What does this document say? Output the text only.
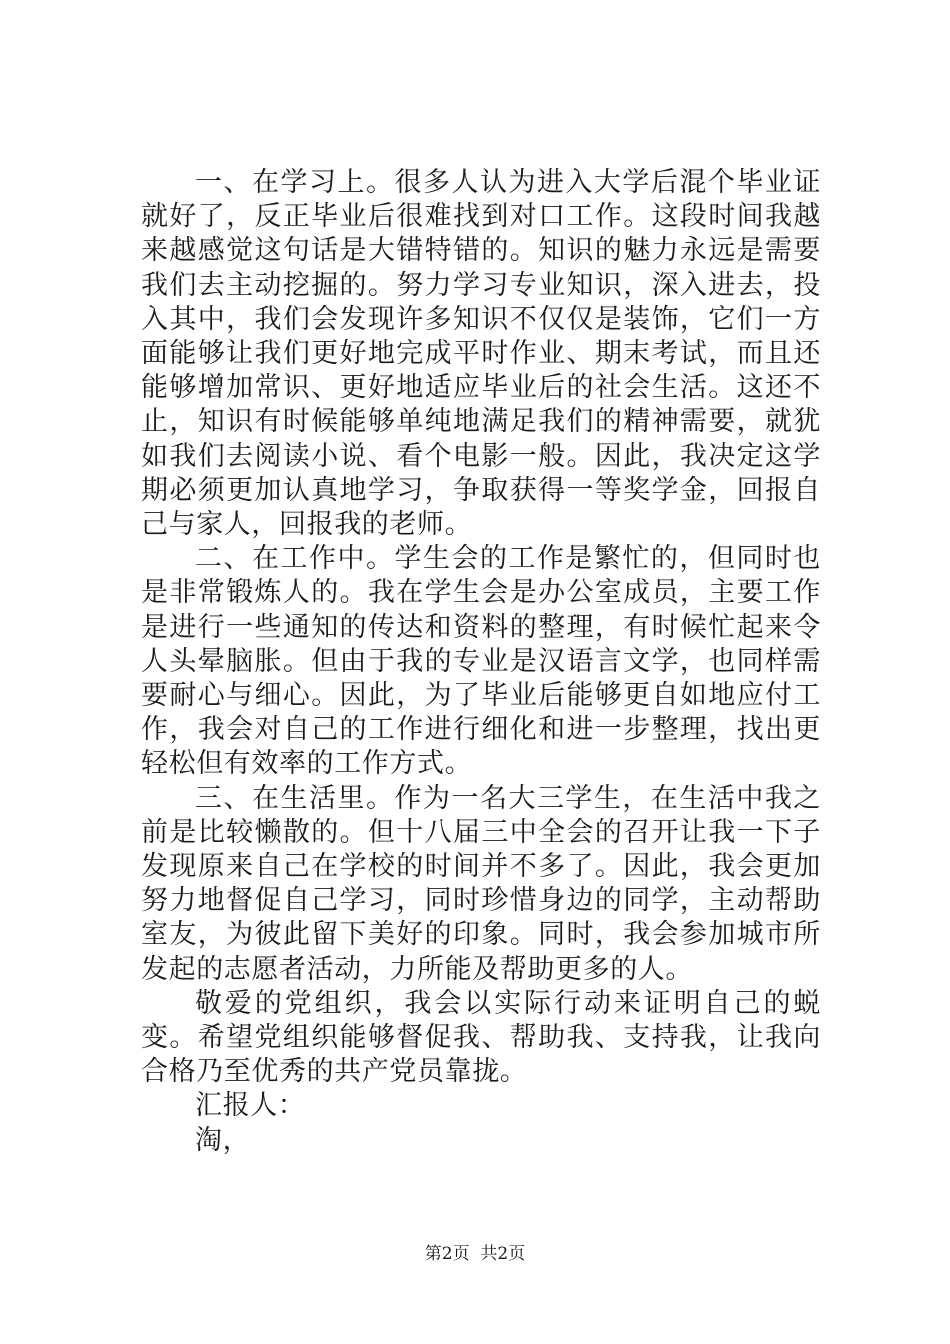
一、在学习上。很多人认为进入大学后混个毕业证就好了，反正毕业后很难找到对口工作。这段时间我越来越感觉这句话是大错特错的。知识的魅力永远是需要我们去主动挖掘的。努力学习专业知识，深入进去，投入其中，我们会发现许多知识不仅仅是装饰，它们一方面能够让我们更好地完成平时作业、期末考试，而且还能够增加常识、更好地适应毕业后的社会生活。这还不止，知识有时候能够单纯地满足我们的精神需要，就犹如我们去阅读小说、看个电影一般。因此，我决定这学期必须更加认真地学习，争取获得一等奖学金，回报自己与家人，回报我的老师。

二、在工作中。学生会的工作是繁忙的，但同时也是非常锻炼人的。我在学生会是办公室成员，主要工作是进行一些通知的传达和资料的整理，有时候忙起来令人头晕脑胀。但由于我的专业是汉语言文学，也同样需要耐心与细心。因此，为了毕业后能够更自如地应付工作，我会对自己的工作进行细化和进一步整理，找出更轻松但有效率的工作方式。

三、在生活里。作为一名大三学生，在生活中我之前是比较懒散的。但十八届三中全会的召开让我一下子发现原来自己在学校的时间并不多了。因此，我会更加努力地督促自己学习，同时珍惜身边的同学，主动帮助室友，为彼此留下美好的印象。同时，我会参加城市所发起的志愿者活动，力所能及帮助更多的人。

敬爱的党组织，我会以实际行动来证明自己的蜕变。希望党组织能够督促我、帮助我、支持我，让我向合格乃至优秀的共产党员靠拢。

汇报人：

淘，

第2页  共2页
